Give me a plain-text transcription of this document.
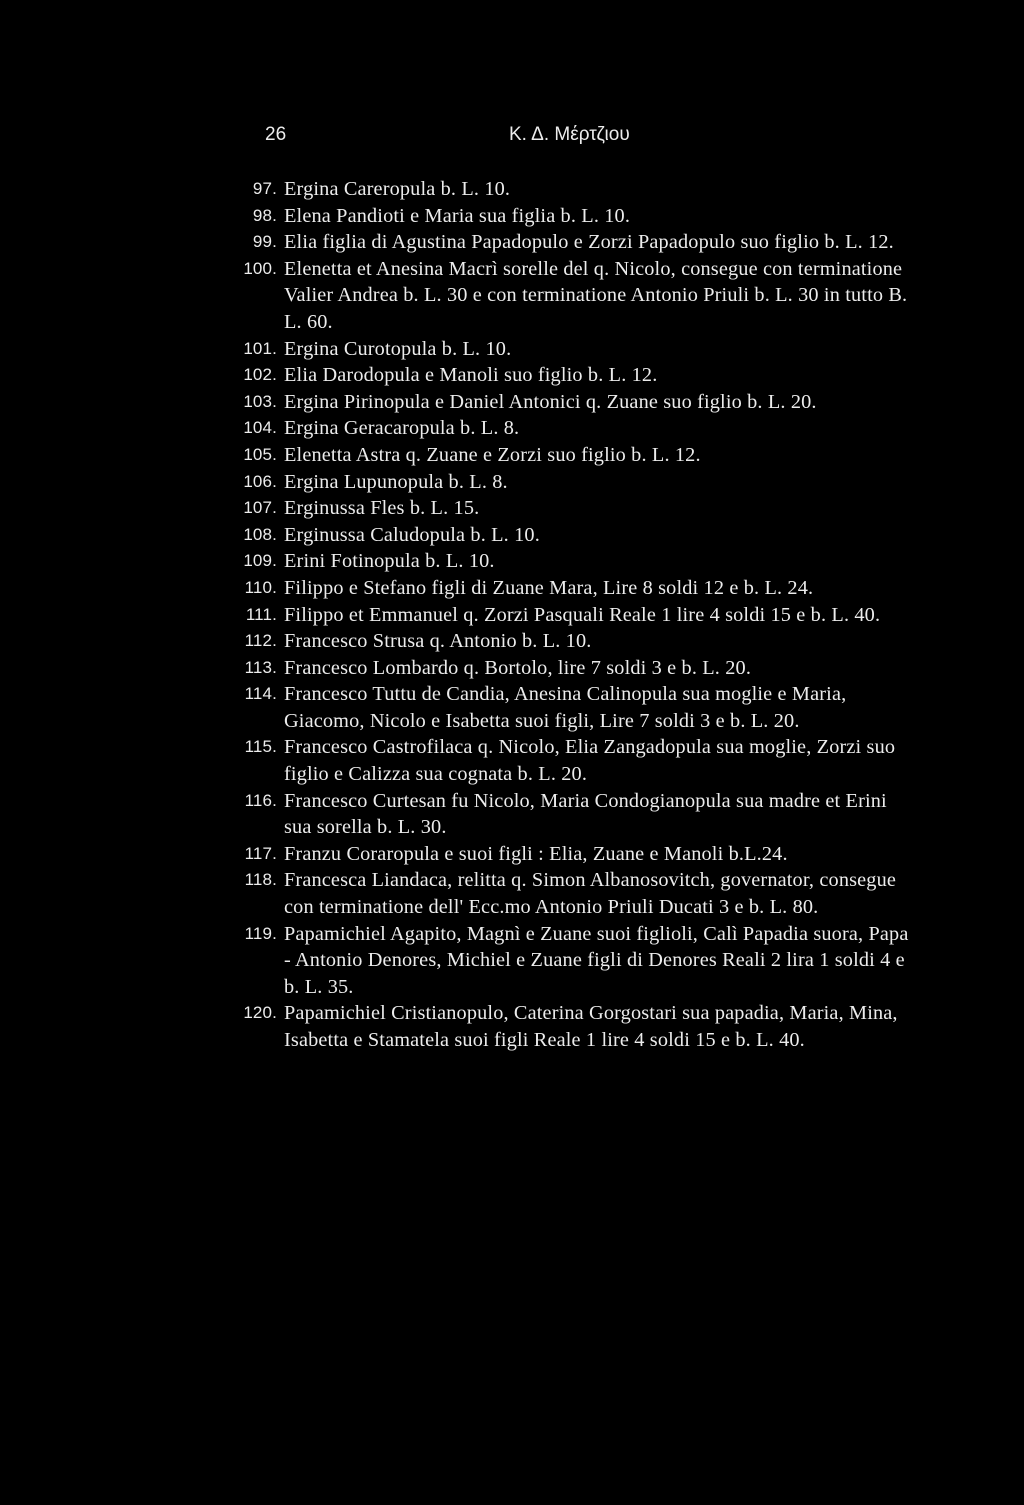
26	Κ. Δ. Μέρτζιου
97. Ergina Careropula b. L. 10.
98. Elena Pandioti e Maria sua figlia b. L. 10.
99. Elia figlia di Agustina Papadopulo e Zorzi Papadopulo suo figlio b. L. 12.
100. Elenetta et Anesina Macrì sorelle del q. Nicolo, consegue con terminatione Valier Andrea b. L. 30 e con terminatione Antonio Priuli b. L. 30 in tutto B. L. 60.
101. Ergina Curotopula b. L. 10.
102. Elia Darodopula e Manoli suo figlio b. L. 12.
103. Ergina Pirinopula e Daniel Antonici q. Zuane suo figlio b. L. 20.
104. Ergina Geracaropula b. L. 8.
105. Elenetta Astra q. Zuane e Zorzi suo figlio b. L. 12.
106. Ergina Lupunopula b. L. 8.
107. Erginussa Fles b. L. 15.
108. Erginussa Caludopula b. L. 10.
109. Erini Fotinopula b. L. 10.
110. Filippo e Stefano figli di Zuane Mara, Lire 8 soldi 12 e b. L. 24.
111. Filippo et Emmanuel q. Zorzi Pasquali Reale 1 lire 4 soldi 15 e b. L. 40.
112. Francesco Strusa q. Antonio b. L. 10.
113. Francesco Lombardo q. Bortolo, lire 7 soldi 3 e b. L. 20.
114. Francesco Tuttu de Candia, Anesina Calinopula sua moglie e Maria, Giacomo, Nicolo e Isabetta suoi figli, Lire 7 soldi 3 e b. L. 20.
115. Francesco Castrofilaca q. Nicolo, Elia Zangadopula sua moglie, Zorzi suo figlio e Calizza sua cognata b. L. 20.
116. Francesco Curtesan fu Nicolo, Maria Condogianopula sua madre et Erini sua sorella b. L. 30.
117. Franzu Coraropula e suoi figli : Elia, Zuane e Manoli b.L.24.
118. Francesca Liandaca, relitta q. Simon Albanosovitch, governator, consegue con terminatione dell' Ecc.mo Antonio Priuli Ducati 3 e b. L. 80.
119. Papamichiel Agapito, Magnì e Zuane suoi figlioli, Calì Papadia suora, Papa - Antonio Denores, Michiel e Zuane figli di Denores Reali 2 lira 1 soldi 4 e b. L. 35.
120. Papamichiel Cristianopulo, Caterina Gorgostari sua papadia, Maria, Mina, Isabetta e Stamatela suoi figli Reale 1 lire 4 soldi 15 e b. L. 40.
